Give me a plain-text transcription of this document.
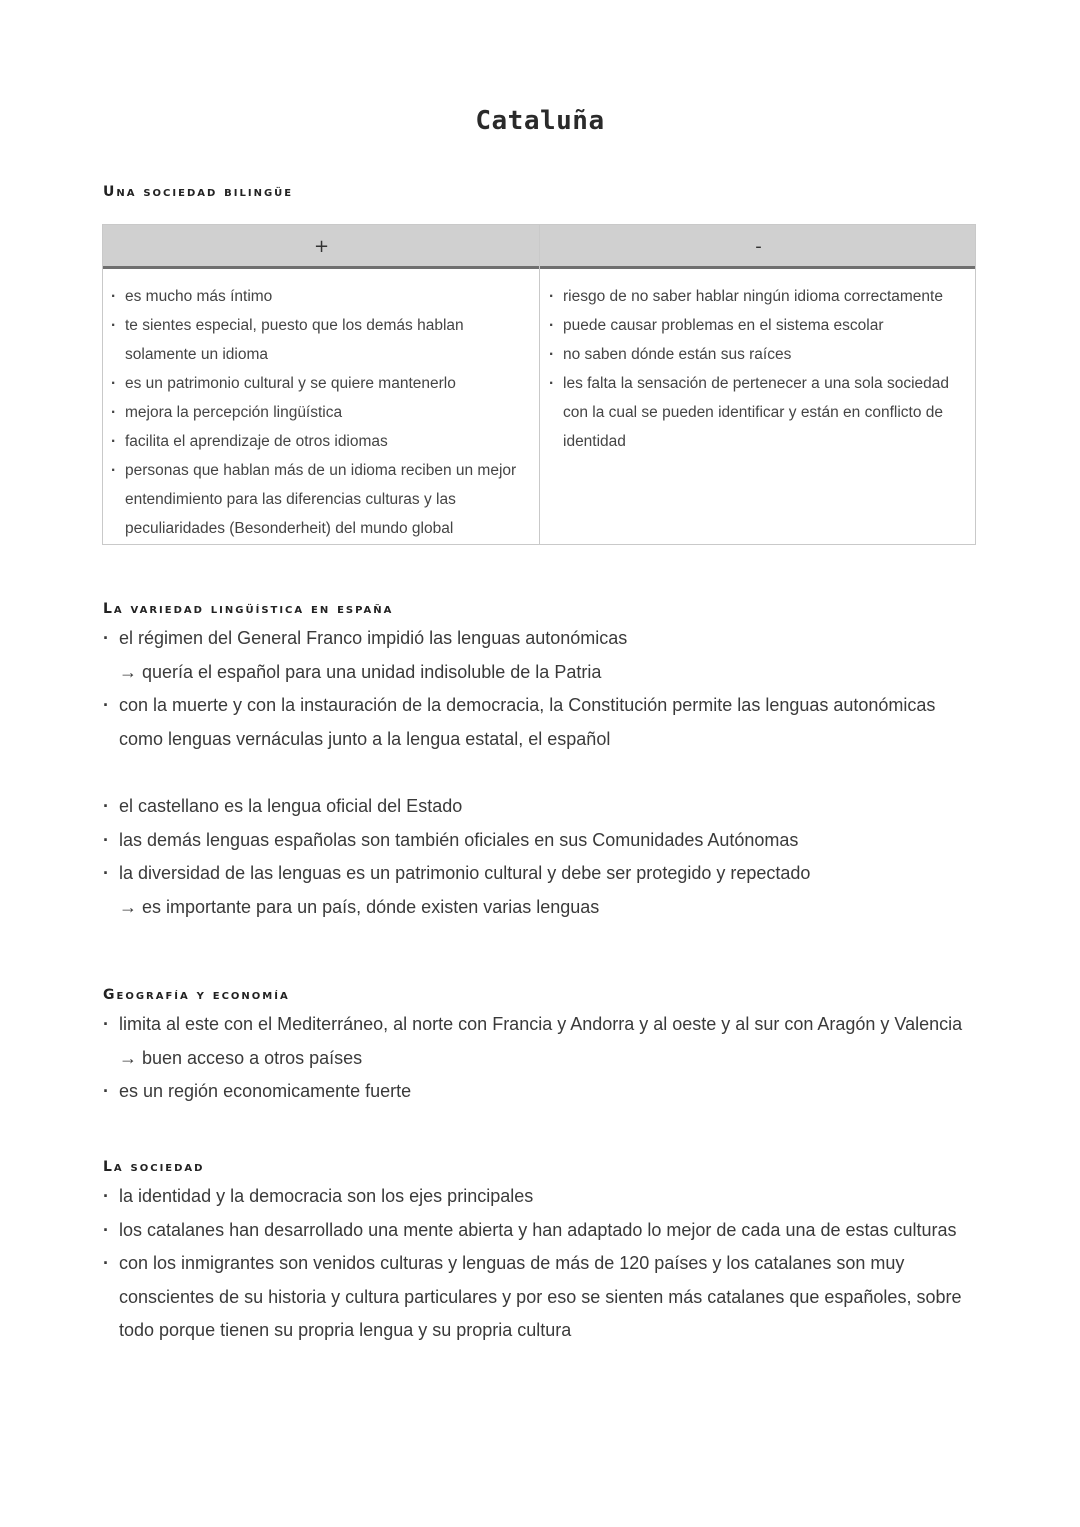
Cataluña
Una sociedad bilingüe
+	-
· es mucho más íntimo
· te sientes especial, puesto que los demás hablan solamente un idioma
· es un patrimonio cultural y se quiere mantenerlo
· mejora la percepción lingüística
· facilita el aprendizaje de otros idiomas
· personas que hablan más de un idioma reciben un mejor entendimiento para las diferencias culturas y las peculiaridades (Besonderheit) del mundo global
· riesgo de no saber hablar ningún idioma correctamente
· puede causar problemas en el sistema escolar
· no saben dónde están sus raíces
· les falta la sensación de pertenecer a una sola sociedad con la cual se pueden identificar y están en conflicto de identidad
La variedad lingüística en españa
· el régimen del General Franco impidió las lenguas autonómicas
→ quería el español para una unidad indisoluble de la Patria
· con la muerte y con la instauración de la democracia, la Constitución permite las lenguas autonómicas como lenguas vernáculas junto a la lengua estatal, el español
· el castellano es la lengua oficial del Estado
· las demás lenguas españolas son también oficiales en sus Comunidades Autónomas
· la diversidad de las lenguas es un patrimonio cultural y debe ser protegido y repectado
→ es importante para un país, dónde existen varias lenguas
Geografía y economía
· limita al este con el Mediterráneo, al norte con Francia y Andorra y al oeste y al sur con Aragón y Valencia
→ buen acceso a otros países
· es un región economicamente fuerte
La sociedad
· la identidad y la democracia son los ejes principales
· los catalanes han desarrollado una mente abierta y han adaptado lo mejor de cada una de estas culturas
· con los inmigrantes son venidos culturas y lenguas de más de 120 países y los catalanes son muy conscientes de su historia y cultura particulares y por eso se sienten más catalanes que españoles, sobre todo porque tienen su propria lengua y su propria cultura
